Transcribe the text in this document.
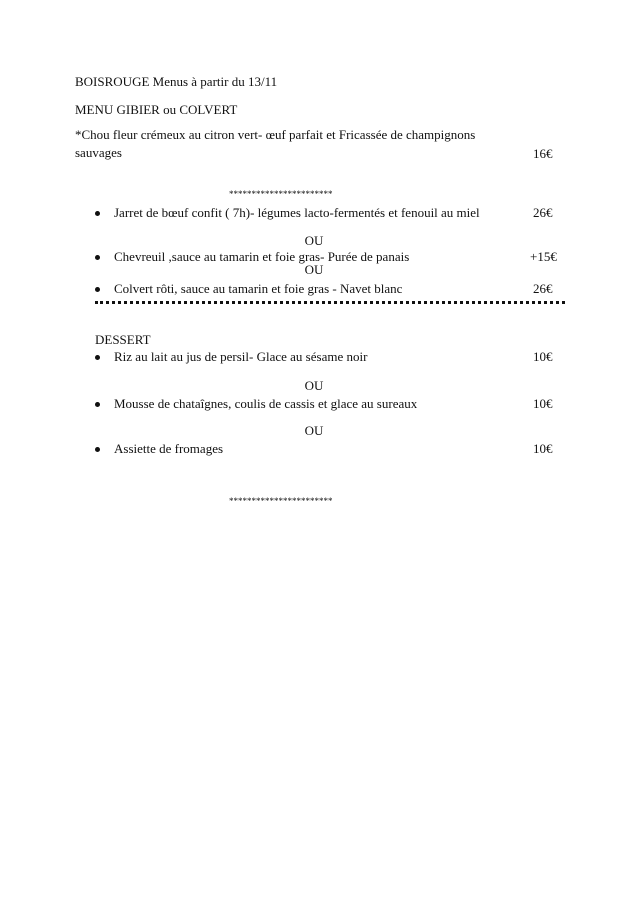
BOISROUGE Menus à partir du 13/11
MENU GIBIER ou COLVERT
*Chou fleur crémeux au citron vert- œuf parfait et Fricassée de champignons
sauvages	16€
***********************
Jarret de bœuf confit ( 7h)- légumes lacto-fermentés et fenouil au miel	26€
OU
Chevreuil ,sauce au tamarin et foie gras- Purée de panais	+15€
OU
Colvert rôti, sauce au tamarin et foie gras - Navet blanc	26€
DESSERT
Riz au lait au jus de persil- Glace au sésame noir	10€
OU
Mousse de chataîgnes, coulis de cassis et glace au sureaux	10€
OU
Assiette de fromages	10€
***********************
